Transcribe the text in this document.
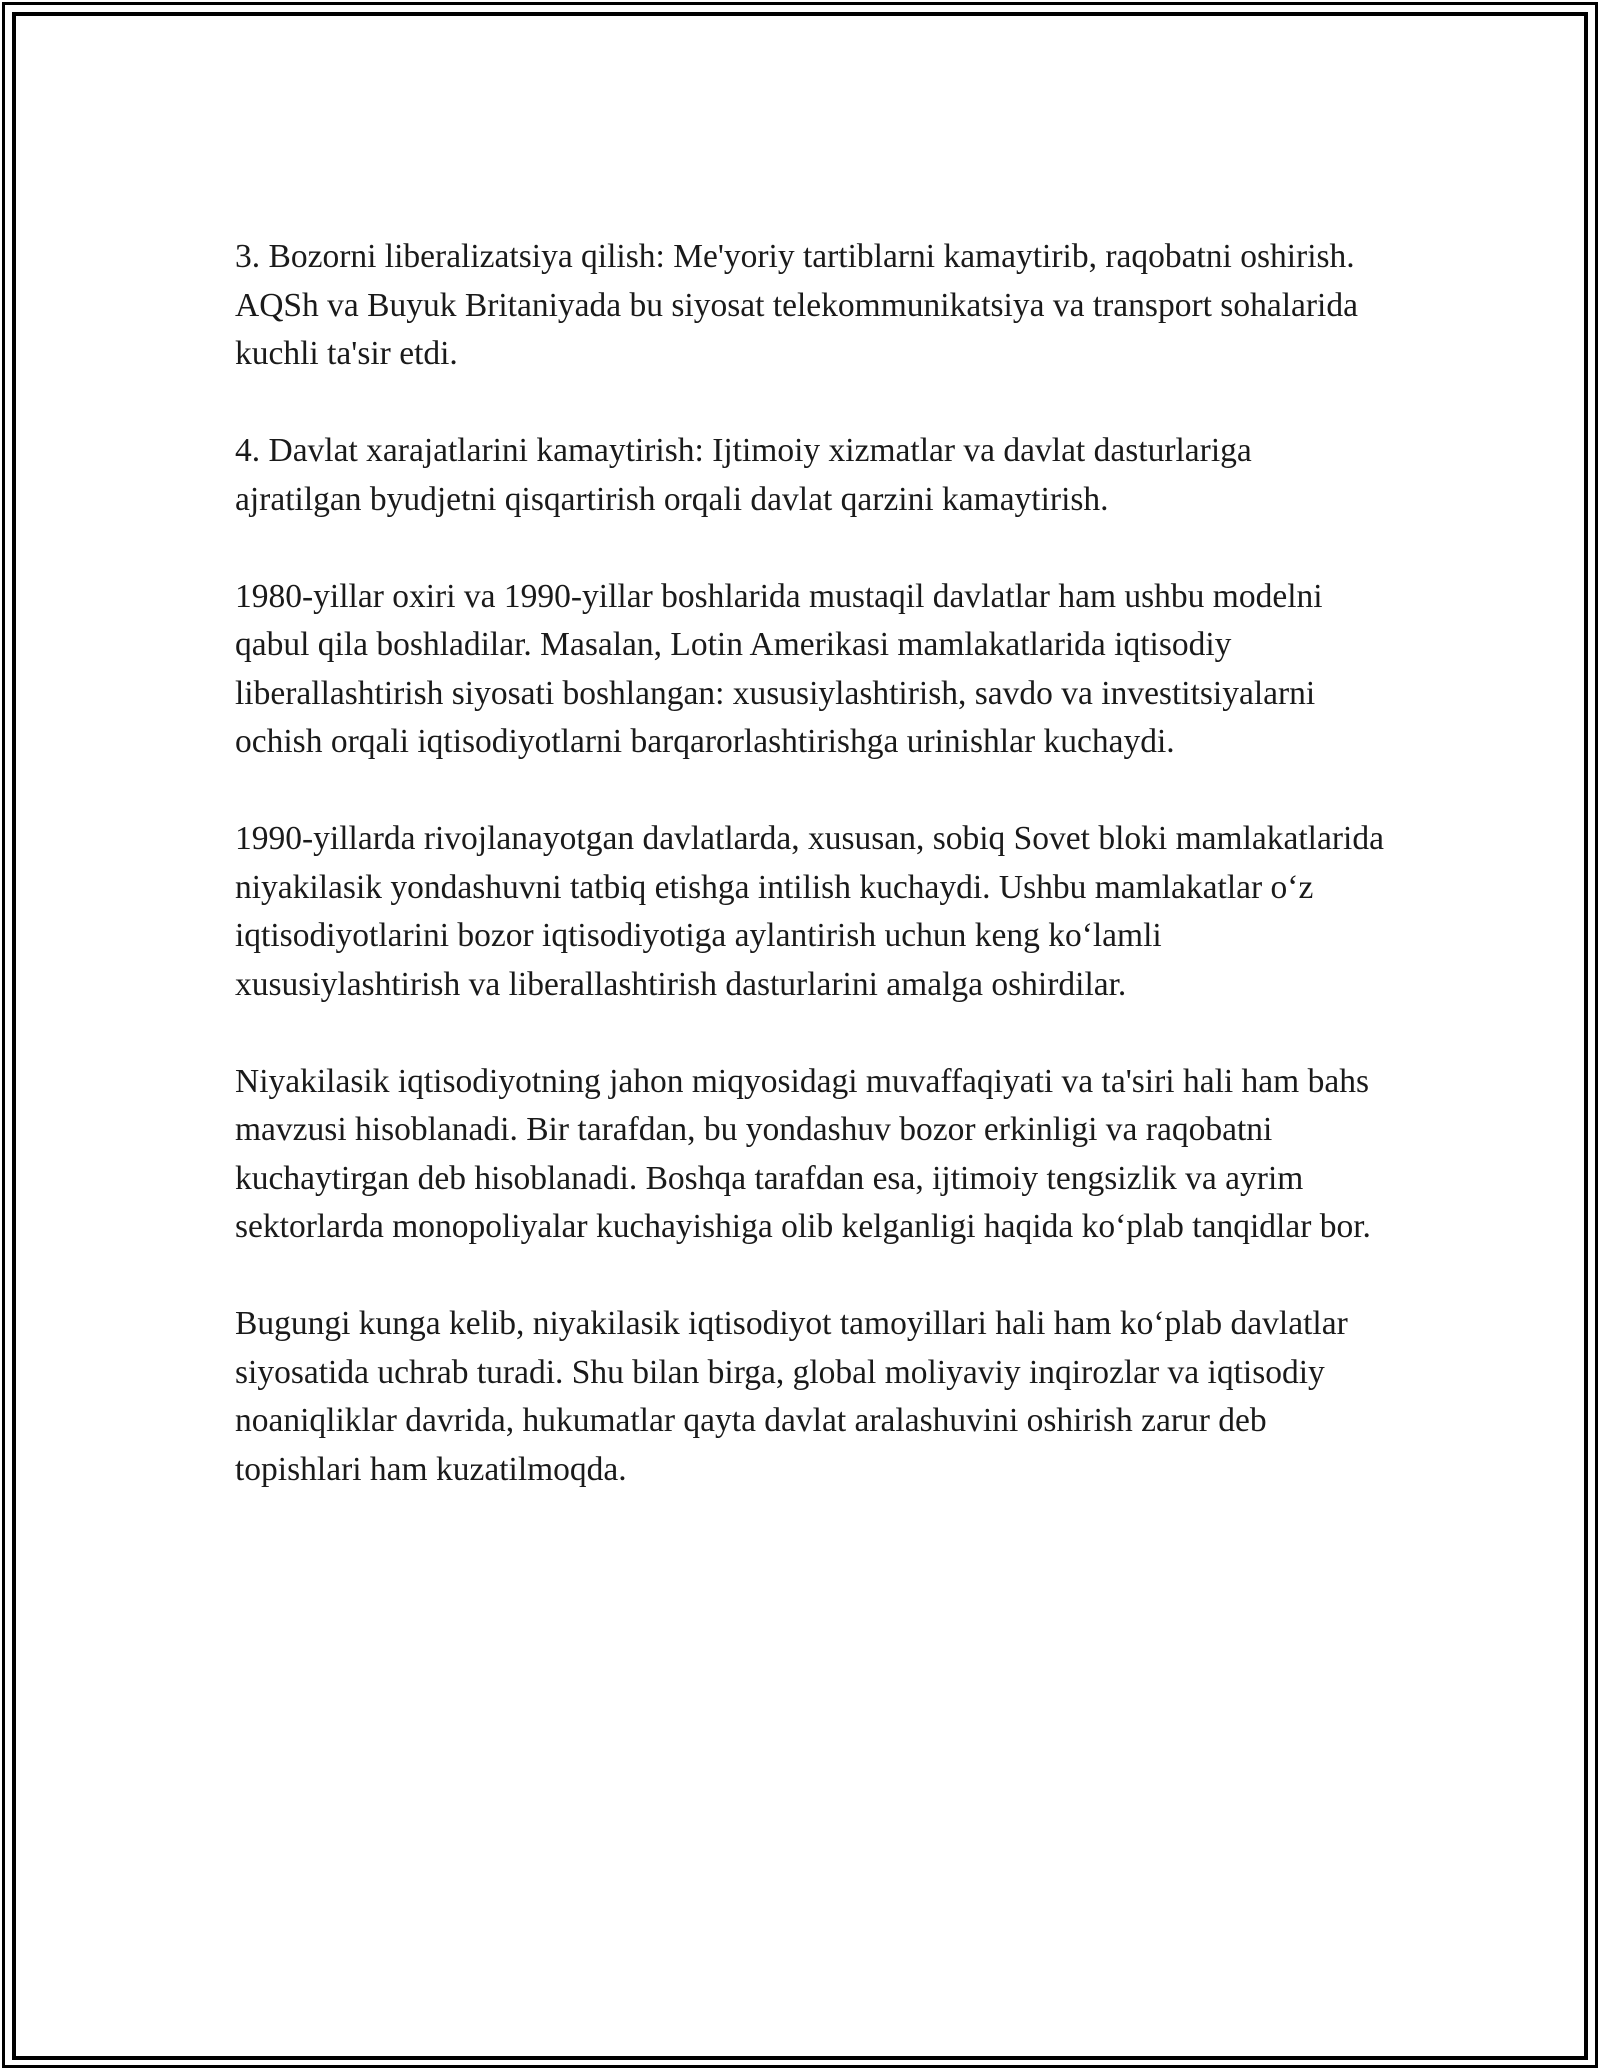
3. Bozorni liberalizatsiya qilish: Me'yoriy tartiblarni kamaytirib, raqobatni oshirish. AQSh va Buyuk Britaniyada bu siyosat telekommunikatsiya va transport sohalarida kuchli ta'sir etdi.

4. Davlat xarajatlarini kamaytirish: Ijtimoiy xizmatlar va davlat dasturlariga ajratilgan byudjetni qisqartirish orqali davlat qarzini kamaytirish.

1980-yillar oxiri va 1990-yillar boshlarida mustaqil davlatlar ham ushbu modelni qabul qila boshladilar. Masalan, Lotin Amerikasi mamlakatlarida iqtisodiy liberallashtirish siyosati boshlangan: xususiylashtirish, savdo va investitsiyalarni ochish orqali iqtisodiyotlarni barqarorlashtirishga urinishlar kuchaydi.

1990-yillarda rivojlanayotgan davlatlarda, xususan, sobiq Sovet bloki mamlakatlarida niyakilasik yondashuvni tatbiq etishga intilish kuchaydi. Ushbu mamlakatlar o‘z iqtisodiyotlarini bozor iqtisodiyotiga aylantirish uchun keng ko‘lamli xususiylashtirish va liberallashtirish dasturlarini amalga oshirdilar.

Niyakilasik iqtisodiyotning jahon miqyosidagi muvaffaqiyati va ta'siri hali ham bahs mavzusi hisoblanadi. Bir tarafdan, bu yondashuv bozor erkinligi va raqobatni kuchaytirgan deb hisoblanadi. Boshqa tarafdan esa, ijtimoiy tengsizlik va ayrim sektorlarda monopoliyalar kuchayishiga olib kelganligi haqida ko‘plab tanqidlar bor.

Bugungi kunga kelib, niyakilasik iqtisodiyot tamoyillari hali ham ko‘plab davlatlar siyosatida uchrab turadi. Shu bilan birga, global moliyaviy inqirozlar va iqtisodiy noaniqliklar davrida, hukumatlar qayta davlat aralashuvini oshirish zarur deb topishlari ham kuzatilmoqda.
